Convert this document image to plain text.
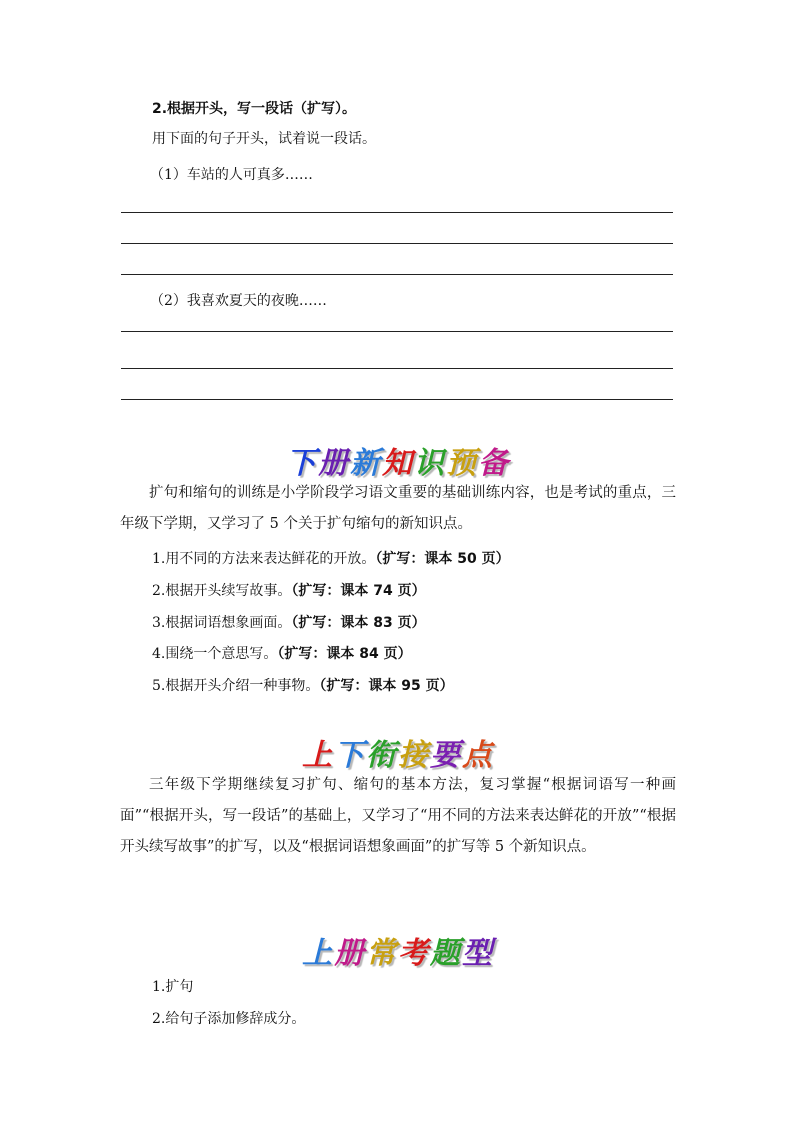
2.根据开头，写一段话（扩写）。
用下面的句子开头，试着说一段话。
（1）车站的人可真多……
（2）我喜欢夏天的夜晚……
下册新知识预备
扩句和缩句的训练是小学阶段学习语文重要的基础训练内容，也是考试的重点，三年级下学期，又学习了 5 个关于扩句缩句的新知识点。
1.用不同的方法来表达鲜花的开放。（扩写：课本 50 页）
2.根据开头续写故事。（扩写：课本 74 页）
3.根据词语想象画面。（扩写：课本 83 页）
4.围绕一个意思写。（扩写：课本 84 页）
5.根据开头介绍一种事物。（扩写：课本 95 页）
上下衔接要点
三年级下学期继续复习扩句、缩句的基本方法，复习掌握“根据词语写一种画面”“根据开头，写一段话”的基础上，又学习了“用不同的方法来表达鲜花的开放”“根据开头续写故事”的扩写，以及“根据词语想象画面”的扩写等 5 个新知识点。
上册常考题型
1.扩句
2.给句子添加修辞成分。
